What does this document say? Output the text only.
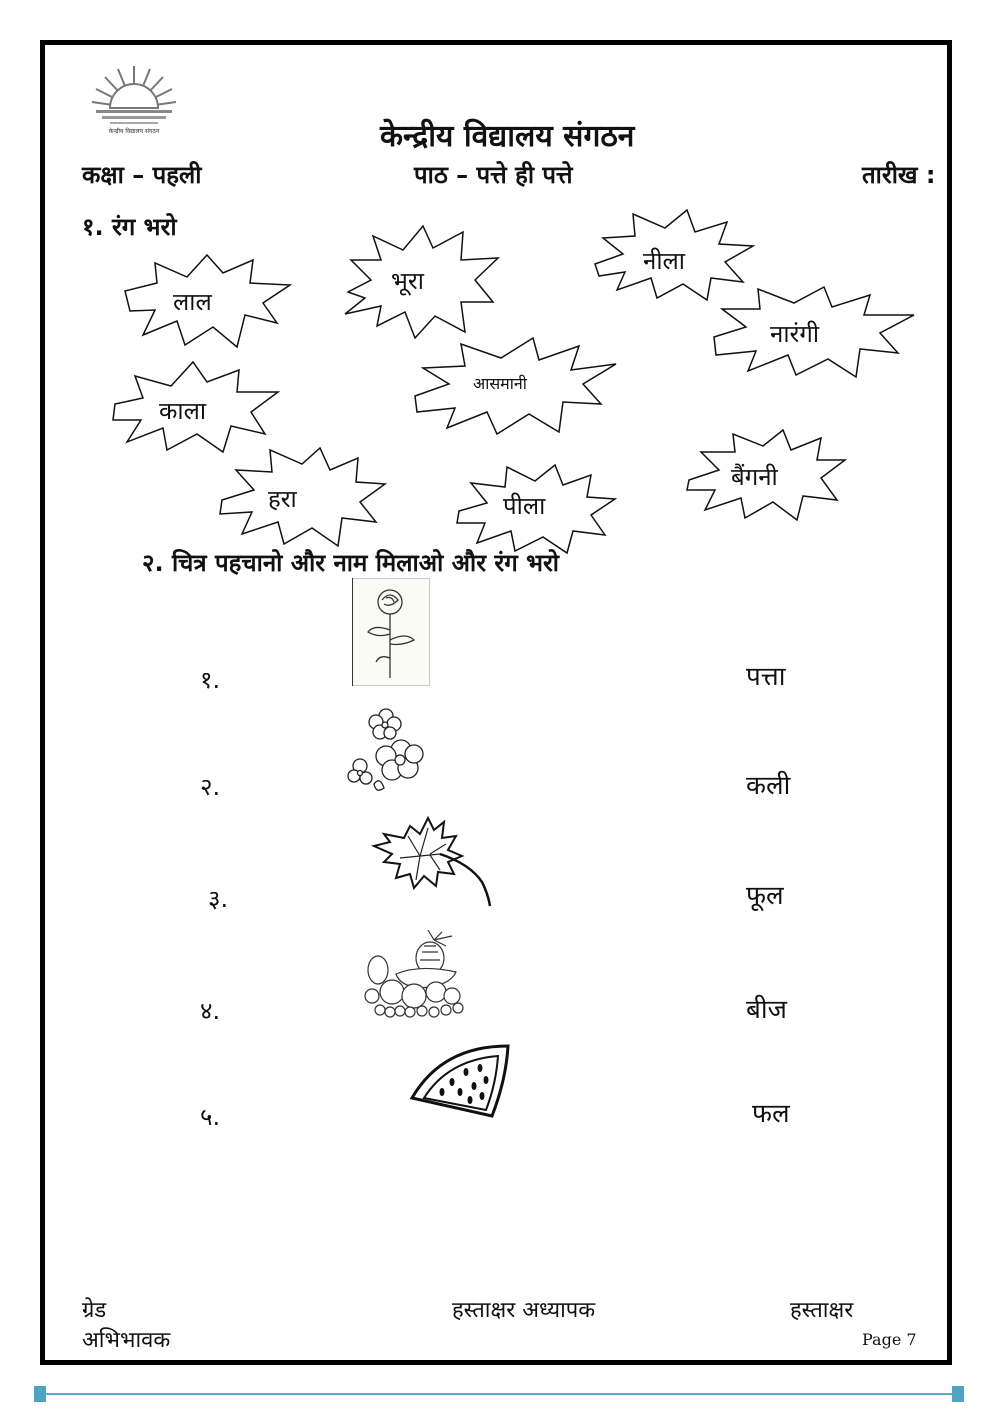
केन्द्रीय विद्यालय संगठन	केन्द्रीय विद्यालय संगठन
कक्षा – पहली	पाठ – पत्ते ही पत्ते	तारीख :
१. रंग भरो
लाल
भूरा
नीला
नारंगी
काला
आसमानी
हरा	पीला
बैंगनी
२. चित्र पहचानो और नाम मिलाओ और रंग भरो
१.	पत्ता
२.	कली
३.	फूल
४.	बीज
५.	फल
ग्रेड	हस्ताक्षर अध्यापक	हस्ताक्षर
अभिभावक	Page 7
